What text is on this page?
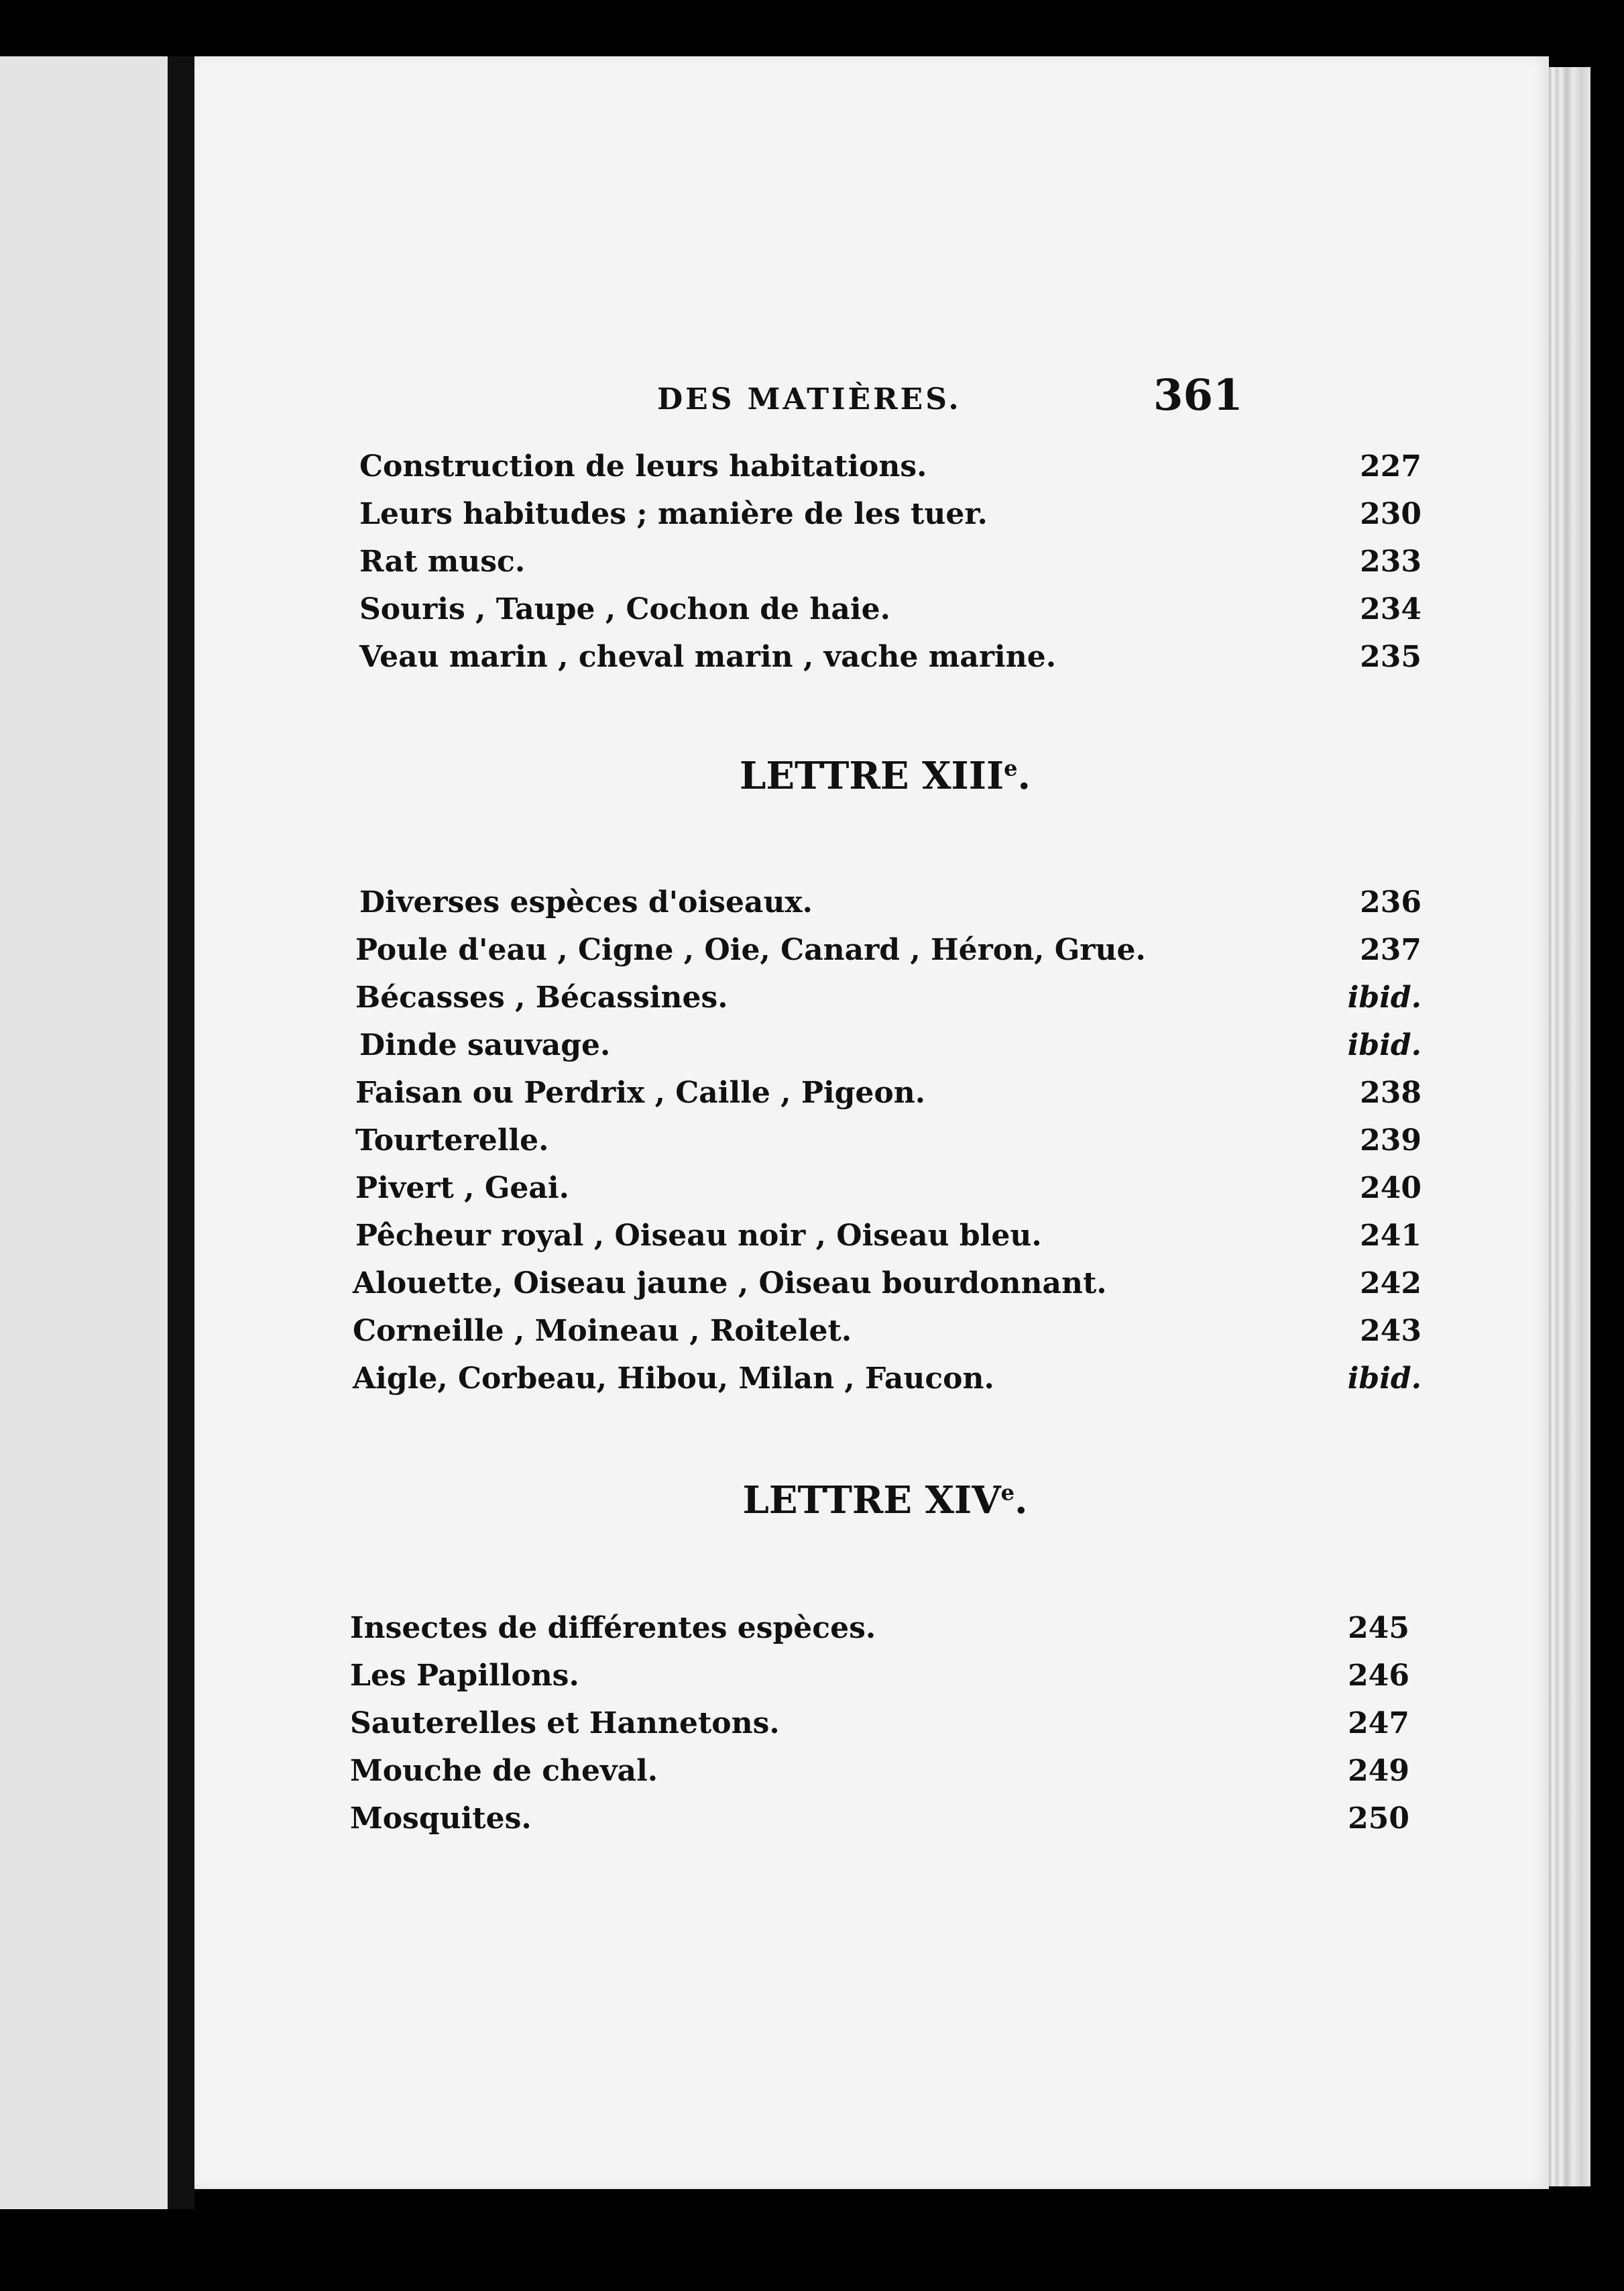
DES MATIÈRES.	361
Construction de leurs habitations.	227
Leurs habitudes ; manière de les tuer.	230
Rat musc.	233
Souris , Taupe , Cochon de haie.	234
Veau marin , cheval marin , vache marine.	235
LETTRE XIIIe.
Diverses espèces d'oiseaux.	236
Poule d'eau , Cigne , Oie, Canard , Héron, Grue.	237
Bécasses , Bécassines.	ibid.
Dinde sauvage.	ibid.
Faisan ou Perdrix , Caille , Pigeon.	238
Tourterelle.	239
Pivert , Geai.	240
Pêcheur royal , Oiseau noir , Oiseau bleu.	241
Alouette, Oiseau jaune , Oiseau bourdonnant.	242
Corneille , Moineau , Roitelet.	243
Aigle, Corbeau, Hibou, Milan , Faucon.	ibid.
LETTRE XIVe.
Insectes de différentes espèces.	245
Les Papillons.	246
Sauterelles et Hannetons.	247
Mouche de cheval.	249
Mosquites.	250
